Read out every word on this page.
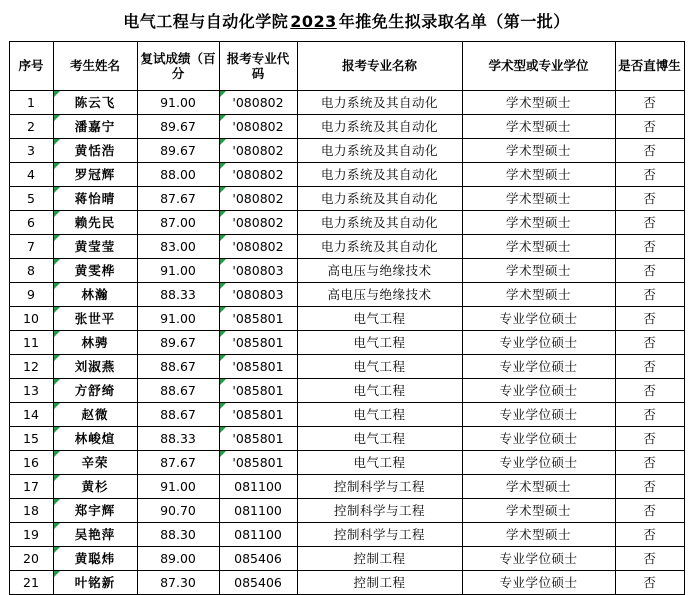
电气工程与自动化学院 2023 年推免生拟录取名单（第一批）
序号	考生姓名	复试成绩（百分	报考专业代码	报考专业名称	学术型或专业学位	是否直博生
1	陈云飞	91.00	'080802	电力系统及其自动化	学术型硕士	否
2	潘嘉宁	89.67	'080802	电力系统及其自动化	学术型硕士	否
3	黄恬浩	89.67	'080802	电力系统及其自动化	学术型硕士	否
4	罗冠辉	88.00	'080802	电力系统及其自动化	学术型硕士	否
5	蒋怡晴	87.67	'080802	电力系统及其自动化	学术型硕士	否
6	赖先民	87.00	'080802	电力系统及其自动化	学术型硕士	否
7	黄莹莹	83.00	'080802	电力系统及其自动化	学术型硕士	否
8	黄雯桦	91.00	'080803	高电压与绝缘技术	学术型硕士	否
9	林瀚	88.33	'080803	高电压与绝缘技术	学术型硕士	否
10	张世平	91.00	'085801	电气工程	专业学位硕士	否
11	林骋	89.67	'085801	电气工程	专业学位硕士	否
12	刘淑燕	88.67	'085801	电气工程	专业学位硕士	否
13	方舒绮	88.67	'085801	电气工程	专业学位硕士	否
14	赵微	88.67	'085801	电气工程	专业学位硕士	否
15	林峻煊	88.33	'085801	电气工程	专业学位硕士	否
16	辛荣	87.67	'085801	电气工程	专业学位硕士	否
17	黄杉	91.00	081100	控制科学与工程	学术型硕士	否
18	郑宇辉	90.70	081100	控制科学与工程	学术型硕士	否
19	吴艳萍	88.30	081100	控制科学与工程	学术型硕士	否
20	黄聪炜	89.00	085406	控制工程	专业学位硕士	否
21	叶铭新	87.30	085406	控制工程	专业学位硕士	否
